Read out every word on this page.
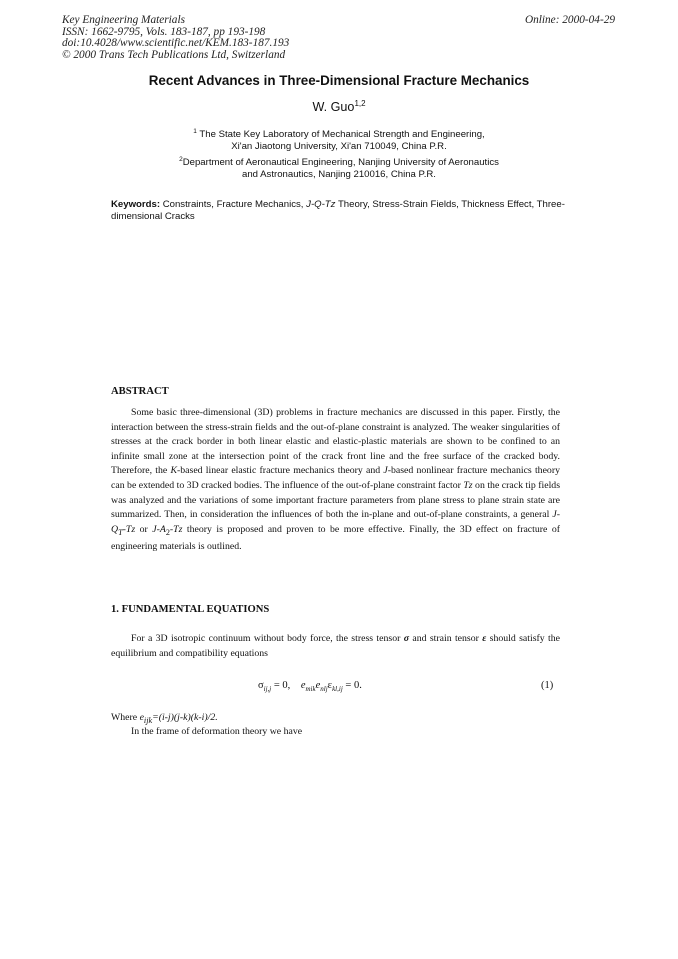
Key Engineering Materials
ISSN: 1662-9795, Vols. 183-187, pp 193-198
doi:10.4028/www.scientific.net/KEM.183-187.193
© 2000 Trans Tech Publications Ltd, Switzerland
Online: 2000-04-29
Recent Advances in Three-Dimensional Fracture Mechanics
W. Guo$^{1,2}$
$^1$ The State Key Laboratory of Mechanical Strength and Engineering,
Xi'an Jiaotong University, Xi'an 710049, China P.R.
$^2$Department of Aeronautical Engineering, Nanjing University of Aeronautics
and Astronautics, Nanjing 210016, China P.R.
Keywords: Constraints, Fracture Mechanics, J-Q-Tz Theory, Stress-Strain Fields, Thickness Effect, Three-dimensional Cracks
ABSTRACT
Some basic three-dimensional (3D) problems in fracture mechanics are discussed in this paper. Firstly, the interaction between the stress-strain fields and the out-of-plane constraint is analyzed. The weaker singularities of stresses at the crack border in both linear elastic and elastic-plastic materials are shown to be confined to an infinite small zone at the intersection point of the crack front line and the free surface of the cracked body. Therefore, the K-based linear elastic fracture mechanics theory and J-based nonlinear fracture mechanics theory can be extended to 3D cracked bodies. The influence of the out-of-plane constraint factor Tz on the crack tip fields was analyzed and the variations of some important fracture parameters from plane stress to plane strain state are summarized. Then, in consideration the influences of both the in-plane and out-of-plane constraints, a general $J-Q_T-Tz$ or $J-A_2-Tz$ theory is proposed and proven to be more effective. Finally, the 3D effect on fracture of engineering materials is outlined.
1. FUNDAMENTAL EQUATIONS
For a 3D isotropic continuum without body force, the stress tensor σ and strain tensor ε should satisfy the equilibrium and compatibility equations
$\sigma_{ij,j} = 0$, $e_{mik}e_{nlj}\varepsilon_{kl,ij} = 0$.	(1)
Where $e_{ijk}=(i-j)(j-k)(k-i)/2$.
In the frame of deformation theory we have
